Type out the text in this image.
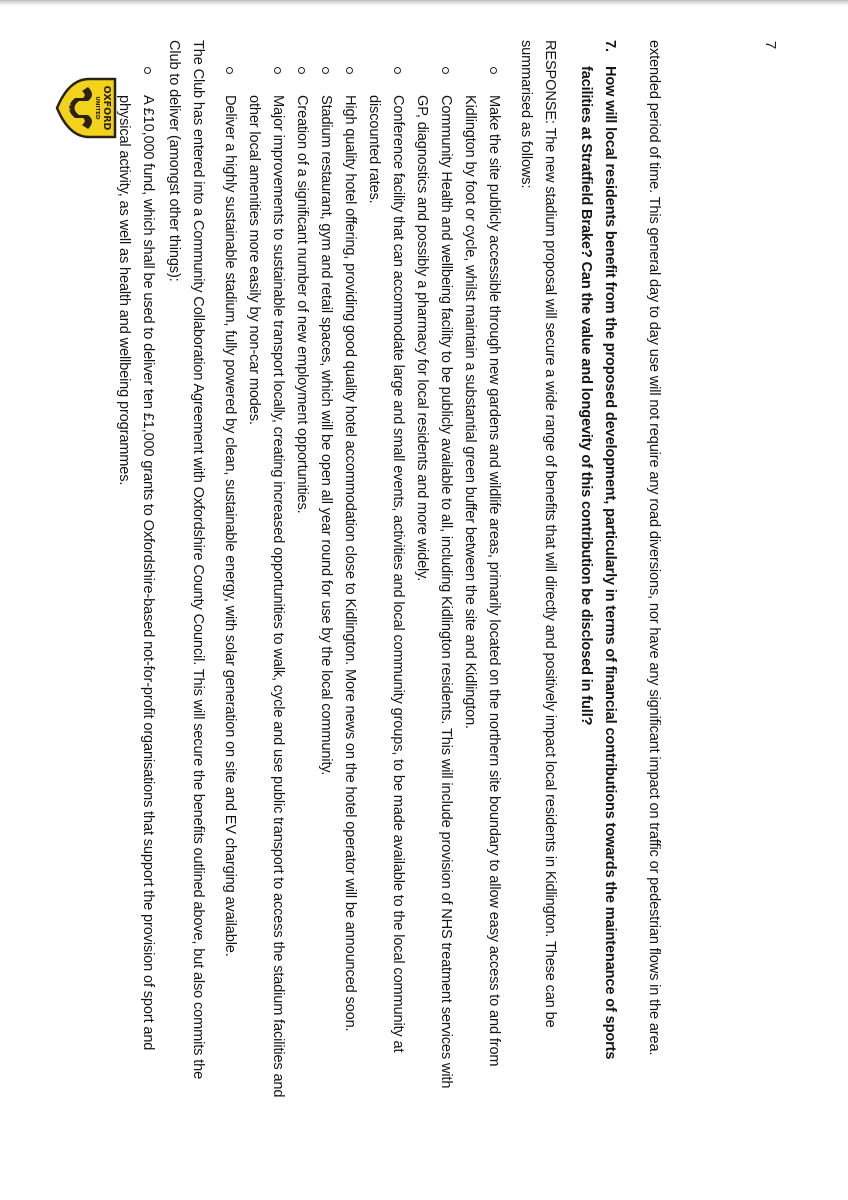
7
OXFORD
UNITED
F.C.	extended period of time. This general day to day use will not require any road diversions, nor have any significant impact on traffic or pedestrian flows in the area.

7.
How will local residents benefit from the proposed development, particularly in terms of financial contributions towards the maintenance of sports facilities at Stratfield Brake? Can the value and longevity of this contribution be disclosed in full?

RESPONSE: The new stadium proposal will secure a wide range of benefits that will directly and positively impact local residents in Kidlington. These can be summarised as follows:

Make the site publicly accessible through new gardens and wildlife areas, primarily located on the northern site boundary to allow easy access to and from Kidlington by foot or cycle, whilst maintain a substantial green buffer between the site and Kidlington.
Community Health and wellbeing facility to be publicly available to all, including Kidlington residents. This will include provision of NHS treatment services with GP, diagnostics and possibly a pharmacy for local residents and more widely.
Conference facility that can accommodate large and small events, activities and local community groups, to be made available to the local community at discounted rates.
High quality hotel offering, providing good quality hotel accommodation close to Kidlington. More news on the hotel operator will be announced soon.
Stadium restaurant, gym and retail spaces, which will be open all year round for use by the local community.
Creation of a significant number of new employment opportunities.
Major improvements to sustainable transport locally, creating increased opportunities to walk, cycle and use public transport to access the stadium facilities and other local amenities more easily by non-car modes.
Deliver a highly sustainable stadium, fully powered by clean, sustainable energy, with solar generation on site and EV charging available.

The Club has entered into a Community Collaboration Agreement with Oxfordshire County Council. This will secure the benefits outlined above, but also commits the Club to deliver (amongst other things):

A £10,000 fund, which shall be used to deliver ten £1,000 grants to Oxfordshire-based not-for-profit organisations that support the provision of sport and physical activity, as well as health and wellbeing programmes.
